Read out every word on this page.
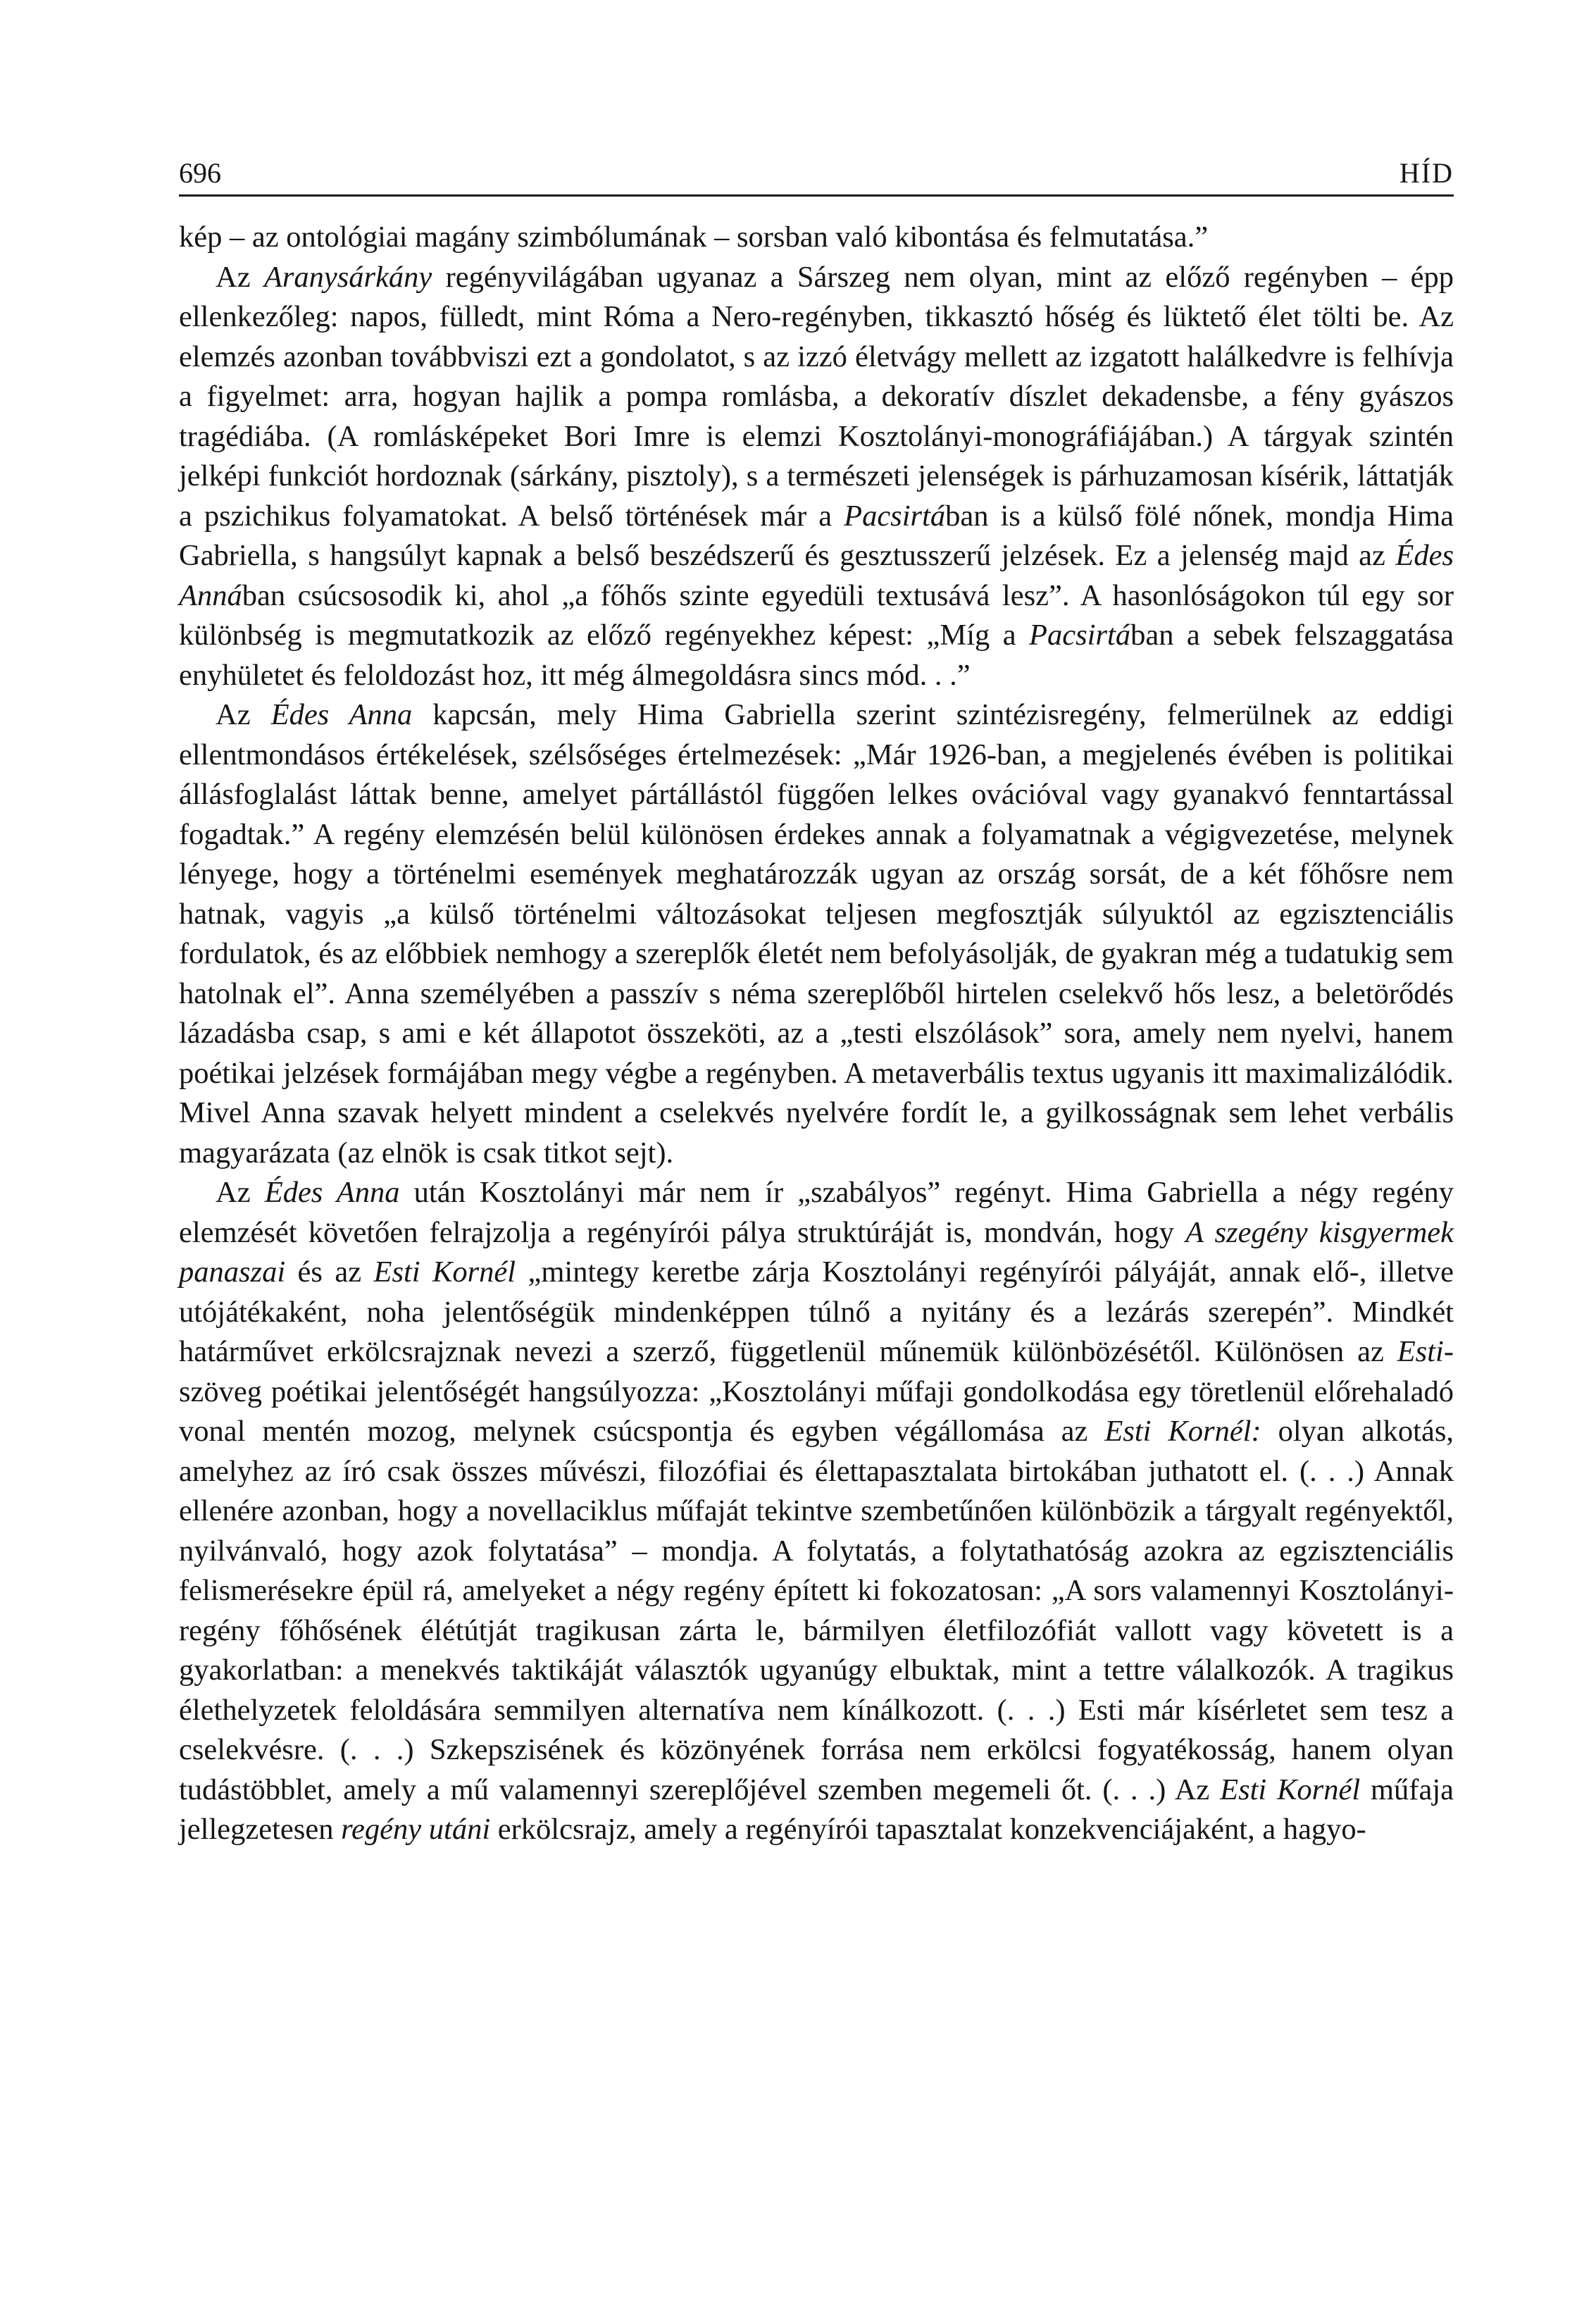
696	HÍD

kép – az ontológiai magány szimbólumának – sorsban való kibontása és felmutatása.”

Az Aranysárkány regényvilágában ugyanaz a Sárszeg nem olyan, mint az előző regényben – épp ellenkezőleg: napos, fülledt, mint Róma a Nero-regényben, tikkasztó hőség és lüktető élet tölti be. Az elemzés azonban továbbviszi ezt a gondolatot, s az izzó életvágy mellett az izgatott halálkedvre is felhívja a figyelmet: arra, hogyan hajlik a pompa romlásba, a dekoratív díszlet dekadensbe, a fény gyászos tragédiába. (A romlásképeket Bori Imre is elemzi Kosztolányi-monográfiájában.) A tárgyak szintén jelképi funkciót hordoznak (sárkány, pisztoly), s a természeti jelenségek is párhuzamosan kísérik, láttatják a pszichikus folyamatokat. A belső történések már a Pacsirtában is a külső fölé nőnek, mondja Hima Gabriella, s hangsúlyt kapnak a belső beszédszerű és gesztusszerű jelzések. Ez a jelenség majd az Édes Annában csúcsosodik ki, ahol „a főhős szinte egyedüli textusává lesz”. A hasonlóságokon túl egy sor különbség is megmutatkozik az előző regényekhez képest: „Míg a Pacsirtában a sebek felszaggatása enyhületet és feloldozást hoz, itt még álmegoldásra sincs mód. . .”

Az Édes Anna kapcsán, mely Hima Gabriella szerint szintézisregény, felmerülnek az eddigi ellentmondásos értékelések, szélsőséges értelmezések: „Már 1926-ban, a megjelenés évében is politikai állásfoglalást láttak benne, amelyet pártállástól függően lelkes ovációval vagy gyanakvó fenntartással fogadtak.” A regény elemzésén belül különösen érdekes annak a folyamatnak a végigvezetése, melynek lényege, hogy a történelmi események meghatározzák ugyan az ország sorsát, de a két főhősre nem hatnak, vagyis „a külső történelmi változásokat teljesen megfosztják súlyuktól az egzisztenciális fordulatok, és az előbbiek nemhogy a szereplők életét nem befolyásolják, de gyakran még a tudatukig sem hatolnak el”. Anna személyében a passzív s néma szereplőből hirtelen cselekvő hős lesz, a beletörődés lázadásba csap, s ami e két állapotot összeköti, az a „testi elszólások” sora, amely nem nyelvi, hanem poétikai jelzések formájában megy végbe a regényben. A metaverbális textus ugyanis itt maximalizálódik. Mivel Anna szavak helyett mindent a cselekvés nyelvére fordít le, a gyilkosságnak sem lehet verbális magyarázata (az elnök is csak titkot sejt).

Az Édes Anna után Kosztolányi már nem ír „szabályos” regényt. Hima Gabriella a négy regény elemzését követően felrajzolja a regényírói pálya struktúráját is, mondván, hogy A szegény kisgyermek panaszai és az Esti Kornél „mintegy keretbe zárja Kosztolányi regényírói pályáját, annak elő-, illetve utójátékaként, noha jelentőségük mindenképpen túlnő a nyitány és a lezárás szerepén”. Mindkét határművet erkölcsrajznak nevezi a szerző, függetlenül műnemük különbözésétől. Különösen az Esti-szöveg poétikai jelentőségét hangsúlyozza: „Kosztolányi műfaji gondolkodása egy töretlenül előrehaladó vonal mentén mozog, melynek csúcspontja és egyben végállomása az Esti Kornél: olyan alkotás, amelyhez az író csak összes művészi, filozófiai és élettapasztalata birtokában juthatott el. (. . .) Annak ellenére azonban, hogy a novellaciklus műfaját tekintve szembetűnően különbözik a tárgyalt regényektől, nyilvánvaló, hogy azok folytatása” – mondja. A folytatás, a folytathatóság azokra az egzisztenciális felismerésekre épül rá, amelyeket a négy regény épített ki fokozatosan: „A sors valamennyi Kosztolányi-regény főhősének élétútját tragikusan zárta le, bármilyen életfilozófiát vallott vagy követett is a gyakorlatban: a menekvés taktikáját választók ugyanúgy elbuktak, mint a tettre válalkozók. A tragikus élethelyzetek feloldására semmilyen alternatíva nem kínálkozott. (. . .) Esti már kísérletet sem tesz a cselekvésre. (. . .) Szkepszisének és közönyének forrása nem erkölcsi fogyatékosság, hanem olyan tudástöbblet, amely a mű valamennyi szereplőjével szemben megemeli őt. (. . .) Az Esti Kornél műfaja jellegzetesen regény utáni erkölcsrajz, amely a regényírói tapasztalat konzekvenciájaként, a hagyo-
